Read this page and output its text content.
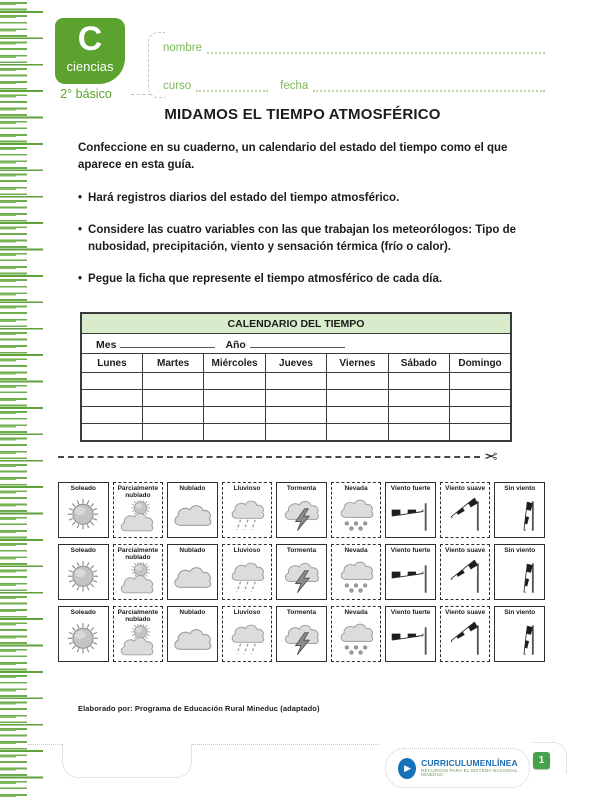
C
ciencias
2° básico
nombre
curso	fecha
MIDAMOS EL TIEMPO ATMOSFÉRICO

Confeccione en su cuaderno, un calendario del estado del tiempo como el que aparece en esta guía.

• Hará registros diarios del estado del tiempo atmosférico.

• Considere las cuatro variables con las que trabajan los meteorólogos: Tipo de nubosidad, precipitación, viento y sensación térmica (frío o calor).

• Pegue la ficha que represente el tiempo atmosférico de cada día.

CALENDARIO DEL TIEMPO						
Mes Año						
Lunes	Martes	Miércoles	Jueves	Viernes	Sábado	Domingo

✂
Soleado	Parcialmente nublado
Nublado	Lluvioso	Tormenta	Nevada	Viento fuerte	Viento suave	Sin viento
Soleado	Parcialmente nublado
Nublado	Lluvioso	Tormenta	Nevada	Viento fuerte	Viento suave	Sin viento
Soleado	Parcialmente nublado
Nublado	Lluvioso	Tormenta	Nevada	Viento fuerte	Viento suave	Sin viento

Elaborado por: Programa de Educación Rural Mineduc (adaptado)

▶	CURRICULUMENLÍNEA
RECURSOS PARA EL SISTEMA NACIONAL MINEDUC
1
